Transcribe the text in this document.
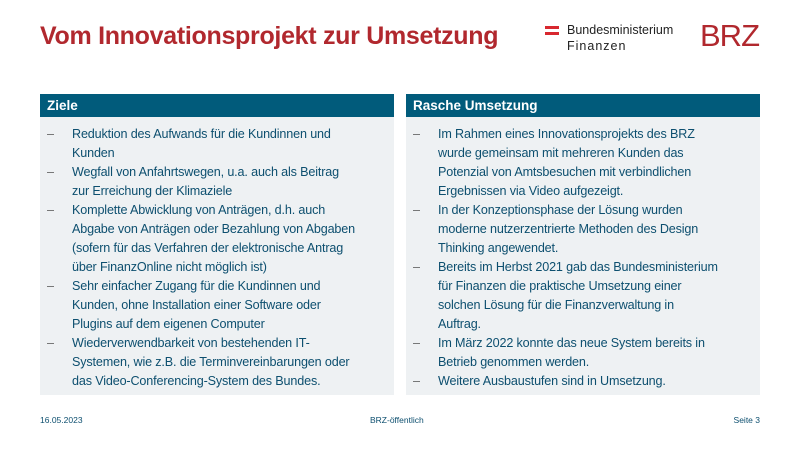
Vom Innovationsprojekt zur Umsetzung	Bundesministerium
Finanzen	BRZ
Ziele
– Reduktion des Aufwands für die Kundinnen und
Kunden
– Wegfall von Anfahrtswegen, u.a. auch als Beitrag
zur Erreichung der Klimaziele
– Komplette Abwicklung von Anträgen, d.h. auch
Abgabe von Anträgen oder Bezahlung von Abgaben
(sofern für das Verfahren der elektronische Antrag
über FinanzOnline nicht möglich ist)
– Sehr einfacher Zugang für die Kundinnen und
Kunden, ohne Installation einer Software oder
Plugins auf dem eigenen Computer
– Wiederverwendbarkeit von bestehenden IT-
Systemen, wie z.B. die Terminvereinbarungen oder
das Video-Conferencing-System des Bundes.
Rasche Umsetzung
– Im Rahmen eines Innovationsprojekts des BRZ
wurde gemeinsam mit mehreren Kunden das
Potenzial von Amtsbesuchen mit verbindlichen
Ergebnissen via Video aufgezeigt.
– In der Konzeptionsphase der Lösung wurden
moderne nutzerzentrierte Methoden des Design
Thinking angewendet.
– Bereits im Herbst 2021 gab das Bundesministerium
für Finanzen die praktische Umsetzung einer
solchen Lösung für die Finanzverwaltung in
Auftrag.
– Im März 2022 konnte das neue System bereits in
Betrieb genommen werden.
– Weitere Ausbaustufen sind in Umsetzung.
16.05.2023	BRZ-öffentlich	Seite 3
